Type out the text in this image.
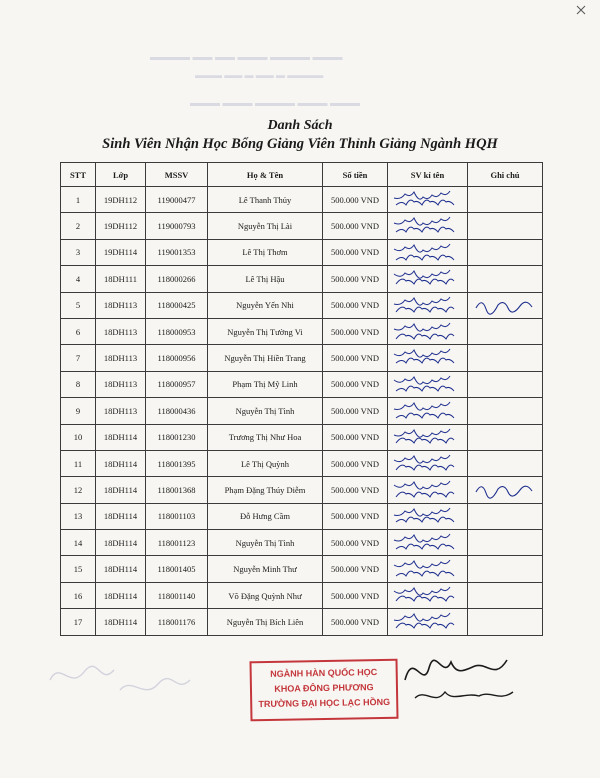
▬▬▬▬ ▬▬ ▬▬ ▬▬▬ ▬▬▬▬ ▬▬▬
▬▬▬ ▬▬ ▬ ▬▬ ▬ ▬▬▬▬
▬▬▬ ▬▬▬ ▬▬▬▬ ▬▬▬ ▬▬▬
Danh Sách
Sinh Viên Nhận Học Bổng Giảng Viên Thỉnh Giảng Ngành HQH
STT	Lớp	MSSV	Họ & Tên	Số tiền	SV kí tên	Ghi chú
1	19DH112	119000477	Lê Thanh Thủy	500.000 VND	

2	19DH112	119000793	Nguyễn Thị Lài	500.000 VND	

3	19DH114	119001353	Lê Thị Thơm	500.000 VND	

4	18DH111	118000266	Lê Thị Hậu	500.000 VND	

5	18DH113	118000425	Nguyễn Yến Nhi	500.000 VND	

6	18DH113	118000953	Nguyễn Thị Tường Vi	500.000 VND	

7	18DH113	118000956	Nguyễn Thị Hiền Trang	500.000 VND	

8	18DH113	118000957	Phạm Thị Mỹ Linh	500.000 VND	

9	18DH113	118000436	Nguyễn Thị Tình	500.000 VND	

10	18DH114	118001230	Trương Thị Như Hoa	500.000 VND	

11	18DH114	118001395	Lê Thị Quỳnh	500.000 VND	

12	18DH114	118001368	Phạm Đặng Thúy Diễm	500.000 VND	

13	18DH114	118001103	Đỗ Hưng Cầm	500.000 VND	

14	18DH114	118001123	Nguyễn Thị Tình	500.000 VND	

15	18DH114	118001405	Nguyễn Minh Thư	500.000 VND	

16	18DH114	118001140	Võ Đặng Quỳnh Như	500.000 VND	

17	18DH114	118001176	Nguyễn Thị Bích Liên	500.000 VND	

NGÀNH HÀN QUỐC HỌC
KHOA ĐÔNG PHƯƠNG
TRƯỜNG ĐẠI HỌC LẠC HỒNG
